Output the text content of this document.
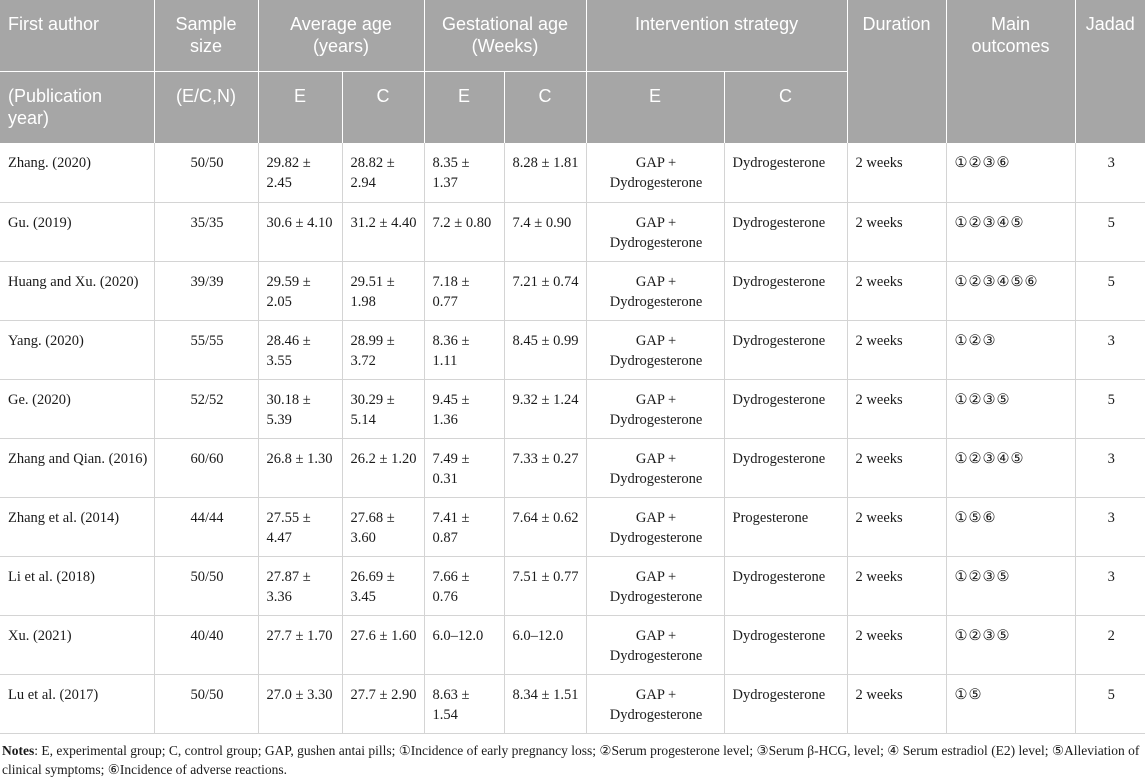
First author	Sample size	Average age (years)		Gestational age (Weeks)		Intervention strategy		Duration	Main outcomes	Jadad
(Publication year)	(E/C,N)	E	C	E	C	E	C			
Zhang. (2020)	50/50	29.82 ± 2.45	28.82 ± 2.94	8.35 ± 1.37	8.28 ± 1.81	GAP + Dydrogesterone	Dydrogesterone	2 weeks	①②③⑥	3
Gu. (2019)	35/35	30.6 ± 4.10	31.2 ± 4.40	7.2 ± 0.80	7.4 ± 0.90	GAP + Dydrogesterone	Dydrogesterone	2 weeks	①②③④⑤	5
Huang and Xu. (2020)	39/39	29.59 ± 2.05	29.51 ± 1.98	7.18 ± 0.77	7.21 ± 0.74	GAP + Dydrogesterone	Dydrogesterone	2 weeks	①②③④⑤⑥	5
Yang. (2020)	55/55	28.46 ± 3.55	28.99 ± 3.72	8.36 ± 1.11	8.45 ± 0.99	GAP + Dydrogesterone	Dydrogesterone	2 weeks	①②③	3
Ge. (2020)	52/52	30.18 ± 5.39	30.29 ± 5.14	9.45 ± 1.36	9.32 ± 1.24	GAP + Dydrogesterone	Dydrogesterone	2 weeks	①②③⑤	5
Zhang and Qian. (2016)	60/60	26.8 ± 1.30	26.2 ± 1.20	7.49 ± 0.31	7.33 ± 0.27	GAP + Dydrogesterone	Dydrogesterone	2 weeks	①②③④⑤	3
Zhang et al. (2014)	44/44	27.55 ± 4.47	27.68 ± 3.60	7.41 ± 0.87	7.64 ± 0.62	GAP + Dydrogesterone	Progesterone	2 weeks	①⑤⑥	3
Li et al. (2018)	50/50	27.87 ± 3.36	26.69 ± 3.45	7.66 ± 0.76	7.51 ± 0.77	GAP + Dydrogesterone	Dydrogesterone	2 weeks	①②③⑤	3
Xu. (2021)	40/40	27.7 ± 1.70	27.6 ± 1.60	6.0–12.0	6.0–12.0	GAP + Dydrogesterone	Dydrogesterone	2 weeks	①②③⑤	2
Lu et al. (2017)	50/50	27.0 ± 3.30	27.7 ± 2.90	8.63 ± 1.54	8.34 ± 1.51	GAP + Dydrogesterone	Dydrogesterone	2 weeks	①⑤	5
Notes: E, experimental group; C, control group; GAP, gushen antai pills; ①Incidence of early pregnancy loss; ②Serum progesterone level; ③Serum β-HCG, level; ④ Serum estradiol (E2) level; ⑤Alleviation of clinical symptoms; ⑥Incidence of adverse reactions.
